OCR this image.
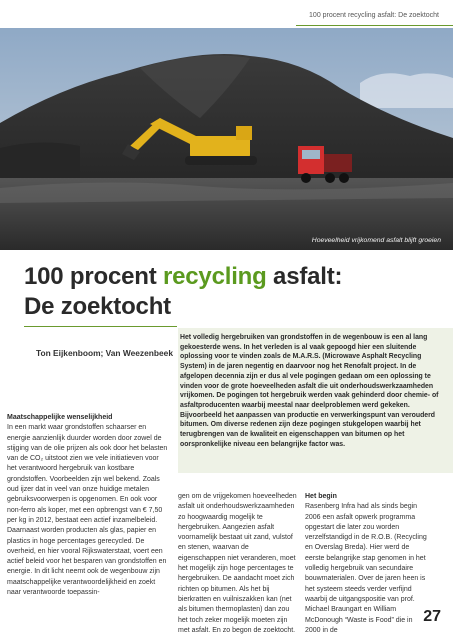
100 procent recycling asfalt: De zoektocht
Hoeveelheid vrijkomend asfalt blijft groeien
100 procent recycling asfalt:
De zoektocht
Ton Eijkenboom; Van Weezenbeek
Het volledig hergebruiken van grondstoffen in de wegenbouw is een al lang gekoesterde wens. In het verleden is al vaak gepoogd hier een sluitende oplossing voor te vinden zoals de M.A.R.S. (Microwave Asphalt Recycling System) in de jaren negentig en daarvoor nog het Renofalt project. In de afgelopen decennia zijn er dus al vele pogingen gedaan om een oplossing te vinden voor de grote hoeveelheden asfalt die uit onderhoudswerkzaamheden vrijkomen. De pogingen tot hergebruik werden vaak gehinderd door chemie- of asfaltproducenten waarbij meestal naar deelproblemen werd gekeken. Bijvoorbeeld het aanpassen van productie en verwerkingspunt van verouderd bitumen. Om diverse redenen zijn deze pogingen stukgelopen waarbij het terugbrengen van de kwaliteit en eigenschappen van bitumen op het oorspronkelijke niveau een belangrijke factor was.
Maatschappelijke wenselijkheid

In een markt waar grondstoffen schaarser en energie aanzienlijk duurder worden door zowel de stijging van de olie prijzen als ook door het belasten van de CO₂ uitstoot zien we vele initiatieven voor het verantwoord hergebruik van kostbare grondstoffen. Voorbeelden zijn wel bekend. Zoals oud ijzer dat in veel van onze huidige metalen gebruiksvoorwerpen is opgenomen. En ook voor non-ferro als koper, met een opbrengst van € 7,50 per kg in 2012, bestaat een actief inzamelbeleid. Daarnaast worden producten als glas, papier en plastics in hoge percentages gerecycled. De overheid, en hier vooral Rijkswaterstaat, voert een actief beleid voor het besparen van grondstoffen en energie. In dit licht neemt ook de wegenbouw zijn maatschappelijke verantwoordelijkheid en zoekt naar verantwoorde toepassin-

gen om de vrijgekomen hoeveelheden asfalt uit onderhoudswerkzaamheden zo hoogwaardig mogelijk te hergebruiken. Aangezien asfalt voornamelijk bestaat uit zand, vulstof en stenen, waarvan de eigenschappen niet veranderen, moet het mogelijk zijn hoge percentages te hergebruiken. De aandacht moet zich richten op bitumen. Als het bij bierkratten en vuilniszakken kan (net als bitumen thermoplasten) dan zou het toch zeker mogelijk moeten zijn met asfalt. En zo begon de zoektocht.

Het begin

Rasenberg Infra had als sinds begin 2006 een asfalt opwerk programma opgestart die later zou worden verzelfstandigd in de R.O.B. (Recycling en Overslag Breda). Hier werd de eerste belangrijke stap genomen in het volledig hergebruik van secundaire bouwmaterialen. Over de jaren heen is het systeem steeds verder verfijnd waarbij de uitgangspositie van prof. Michael Braungart en William McDonough “Waste is Food” die in 2000 in de

27
